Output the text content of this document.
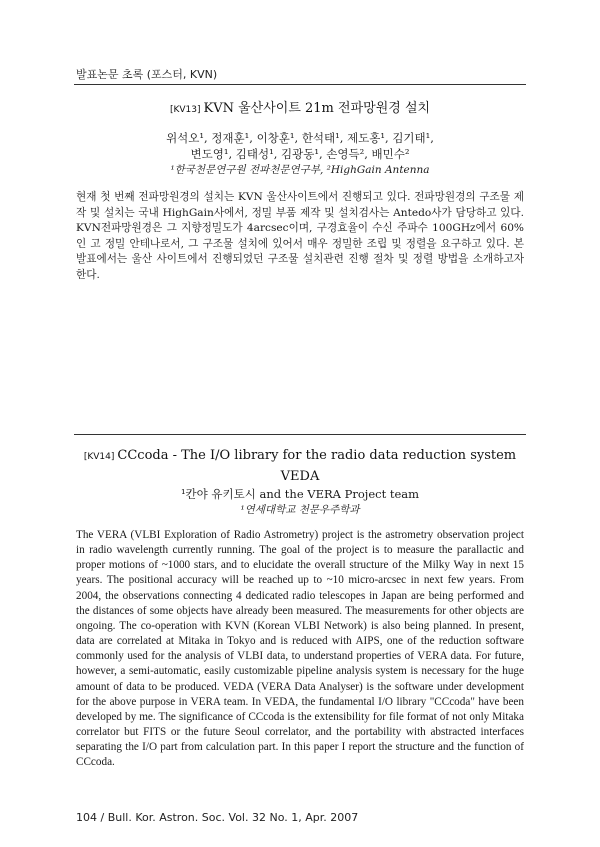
발표논문 초록 (포스터, KVN)
[KV13] KVN 울산사이트 21m 전파망원경 설치
위석오¹, 정재훈¹, 이창훈¹, 한석태¹, 제도홍¹, 김기태¹,
변도영¹, 김태성¹, 김광동¹, 손영득², 배민수²
¹한국천문연구원 전파천문연구부, ²HighGain Antenna

현재 첫 번째 전파망원경의 설치는 KVN 울산사이트에서 진행되고 있다. 전파망원경의 구조물 제작 및 설치는 국내 HighGain사에서, 정밀 부품 제작 및 설치검사는 Antedo사가 담당하고 있다. KVN전파망원경은 그 지향정밀도가 4arcsec이며, 구경효율이 수신 주파수 100GHz에서 60%인 고 정밀 안테나로서, 그 구조물 설치에 있어서 매우 정밀한 조립 및 정렬을 요구하고 있다. 본 발표에서는 울산 사이트에서 진행되었던 구조물 설치관련 진행 절차 및 정렬 방법을 소개하고자 한다.

[KV14] CCcoda - The I/O library for the radio data reduction system
VEDA
¹칸야 유키토시 and the VERA Project team
¹연세대학교 천문우주학과

The VERA (VLBI Exploration of Radio Astrometry) project is the astrometry observation project in radio wavelength currently running. The goal of the project is to measure the parallactic and proper motions of ~1000 stars, and to elucidate the overall structure of the Milky Way in next 15 years. The positional accuracy will be reached up to ~10 micro-arcsec in next few years. From 2004, the observations connecting 4 dedicated radio telescopes in Japan are being performed and the distances of some objects have already been measured. The measurements for other objects are ongoing. The co-operation with KVN (Korean VLBI Network) is also being planned. In present, data are correlated at Mitaka in Tokyo and is reduced with AIPS, one of the reduction software commonly used for the analysis of VLBI data, to understand properties of VERA data. For future, however, a semi-automatic, easily customizable pipeline analysis system is necessary for the huge amount of data to be produced. VEDA (VERA Data Analyser) is the software under development for the above purpose in VERA team. In VEDA, the fundamental I/O library "CCcoda" have been developed by me. The significance of CCcoda is the extensibility for file format of not only Mitaka correlator but FITS or the future Seoul correlator, and the portability with abstracted interfaces separating the I/O part from calculation part. In this paper I report the structure and the function of CCcoda.

104 / Bull. Kor. Astron. Soc. Vol. 32 No. 1, Apr. 2007
